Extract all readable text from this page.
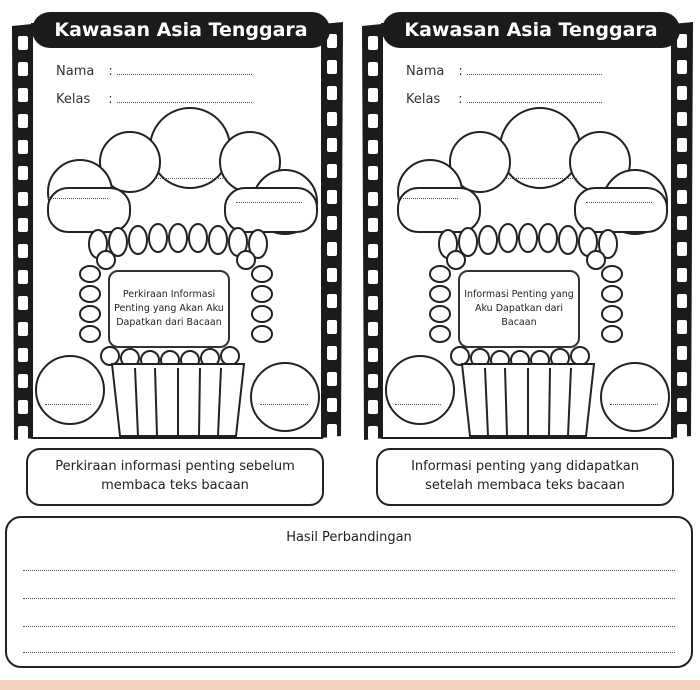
Kawasan Asia Tenggara
Nama :
Kelas :
Perkiraan Informasi Penting yang Akan Aku Dapatkan dari Bacaan
Kawasan Asia Tenggara
Nama :
Kelas :
Informasi Penting yang Aku Dapatkan dari Bacaan
Perkiraan informasi penting sebelum membaca teks bacaan
Informasi penting yang didapatkan setelah membaca teks bacaan
Hasil Perbandingan
